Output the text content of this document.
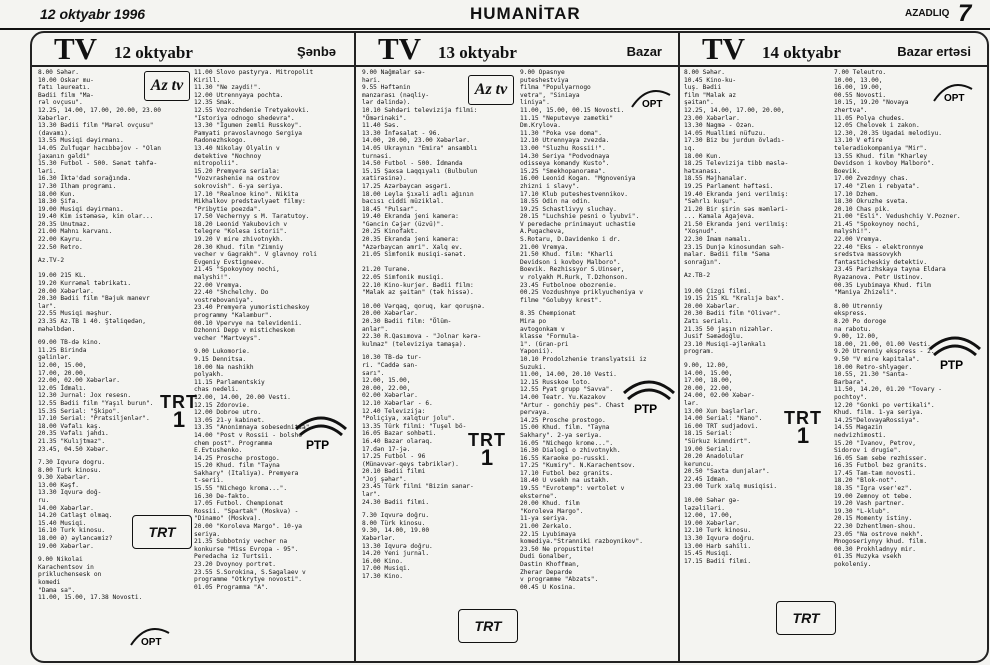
12 oktyabr 1996	HUMANİTAR	AZADLIQ 7
TV 12 oktyabr	Şənbə
8.00 Səhər.
10.00 Oskar mu-
fatı laureatı.
Bədii film "Ma-
rəl ovçusu".
12.25, 14.00, 17.00, 20.00, 23.00
Xəbərlər.
13.30 Bədii film "Marəl ovçusu"
(davamı).
13.55 Musiqi dəyirmanı.
14.05 Zulfuqar həcıbbəjov - "Olan
jaxanın gəldi"
15.30 Futbol - 500. Sənət təhfə-
ləri.
16.30 İktə'dad sorağında.
17.30 Ilham programı.
18.00 Kun.
18.30 Şifa.
19.00 Musiqi dəyirmanı.
19.40 Kim istəməsə, kim olar...
20.35 Unutmaz.
21.00 Mahnı karvanı.
22.00 Kayru.
22.50 Retro.
Az.TV-2

19.00 215 KL.
19.20 Kurrəməl təbrikatı.
20.00 Xəbərlər.
20.30 Bədii film "Bəjuk manevr
lar".
22.55 Musiqi məşhur.
23.35 Az.TB 1 40. Ştəliqedən,
məhəlbdən.
09.00 TB-də kino.
11.25 Birinda
gəlinlər.
12.00, 15.00,
17.00, 20.00,
22.00, 02.00 Xəbərlər.
12.05 İdmalı.
12.30 Jurnal: Jox resesn.
12.55 Bədii film "Yaşıl burun".
15.35 Serial: "Şkipo".
17.10 Serial: "Pratsiljenlər".
18.00 Vəfalı kaş.
20.35 Vəfalı jahdı.
21.35 "Kulıjtmaz".
23.45, 04.50 Xəbər.
7.30 Iqvurə dogru.
8.00 Turk kinosu.
9.30 Xəbərlər.
13.00 Kəşf.
13.30 Iqvurə doğ-
ru.
14.00 Xəbərlər.
14.20 Catlaşt olmaq.
15.40 Musiqi.
16.10 Turk kinosu.
18.00 Ə) əyləncəmiz?
19.00 Xəbərlər.
9.00 Nikolai
Karachentsov in
prikluchensesk on
komedi
"Dama sa".
11.00, 15.00, 17.38 Novosti.
11.00 Slovo pastyrya. Mitropolit
Kirill.
11.30 "Ne zaydi!".
12.00 Utrennyaya pochta.
12.35 Smak.
12.55 Vozrozhdenie Tretyakovki.
"Istoriya odnogo shedevra".
13.30 "Igumen zemli Russkoy".
Pamyati pravoslavnogo Sergiya
Radonezhskogo.
13.40 Nikolay Olyalin v
detektive "Nochnoy
mitropolii".
15.20 Premyera seriala:
"Vozvrashenie na ostrov
sokrovish". 6-ya seriya.
17.10 "Realnoe kino". Nikita
Mikhalkov predstavlyaet filmy:
"Pribytie poezda".
17.50 Vechernyy s M. Taratutoy.
18.20 Leonid Yakubovich v
telegre "Kolesa istorii".
19.20 V mire zhivotnykh.
20.30 Khud. film "Zimniy
vecher v Gagrakh". V glavnoy roli
Evgeniy Evstigneev.
21.45 "Spokoynoy nochi,
malyshi!".
22.00 Vremya.
22.40 "Shchelchy. Do
vostrebovaniya".
23.40 Premyera yumoristicheskoy
programmy "Kalambur".
00.10 Vpervye na televidenii.
Dzhonni Depp v misticheskom
vecher "Martveys".
9.00 Lukomorie.
9.15 Dennitsa.
10.00 Na nashikh
polyakh.
11.15 Parlamentskiy
chas nedeli.
12.00, 14.00, 20.00 Vesti.
12.15 Zdorovie.
12.00 Dobroe utro.
13.05 21-y kabinet.
13.35 "Anonimnaya sobesednitsa".
14.00 "Post v Rossii - bolshe
chem post". Programma
E.Evtushenko.
14.25 Prosche prostogo.
15.20 Khud. film "Tayna
Sakhary" (Italiya). Premyera
t-serii.
15.55 "Nichego kroma...".
16.30 De-fakto.
17.05 Futbol. Chempionat
Rossii. "Spartak" (Moskva) -
"Dinamo" (Moskva).
20.00 "Koroleva Margo". 10-ya
seriya.
21.35 Subbotniy vecher na
konkurse "Miss Evropa - 95".
Peredacha iz Turtsii.
23.20 Dvoynoy portret.
23.55 S.Sorokina, S.Sagalaev v
programme "Otkrytye novosti".
01.05 Programma "A".
Az tv
TRT
1
TRT
ОРТ
РТР
TV 13 oktyabr	Bazar
9.00 Nağmalar sə-
həri.
9.55 Həftənin
manzarası (nəqliy-
lər dəlində).
10.10 Səhdəri televizija filmi:
"Ömərinəki".
11.40 Səs.
13.30 İnfəsalat - 96.
14.00, 20.00, 23.00 Xəbərlər.
14.05 Ukraynın "Emira" ansamblı
turnəsi.
14.50 Futbol - 500. İdmanda
15.15 Şaxsa Laqqıyalı (Bulbulun
xatirəsinə).
17.25 Azərbaycan əsgəri.
18.00 Leyla Şıxəli adlı ağının
bacısı ciddi müzikləl.
18.45 "Pulsar".
19.40 Ekranda jeni kamera:
"Gəncin Cəjər (üzvü)".
20.25 Kinofakt.
20.35 Ekranda jeni kamera:
"Azərbaycan əmri". Xalq ev.
21.05 Simfonik musiqi-sənət.

21.20 Turane.
22.05 Simfonik musiqi.
22.10 Kino-kurjer. Bədii film:
"Malak az şəitan" (tək hissə).
10.00 Vərqaq, qoruq, kar qoruşnə.
20.00 Xəbərlər.
20.30 Bədii film: "Ölüm-
anlar".
22.30 R.Qasımova - "Jolnar kərə-
kulmaz" (televiziya tamaşa).
10.30 TB-də tur-
ri. "Caddə san-
sarı".
12.00, 15.00,
20.00, 22.00,
02.00 Xəbərlər.
12.10 Xəbərlər - 6.
12.40 Televizija:
"Poliçiya, xalqtur jolu".
13.35 Türk filmi: "Tuşel bö-
16.05 Bazar sohbəti.
16.40 Bazar olaraq.
17.dən 17-jə.
17.25 Futbol - 96
(Münəvvər-qeys təbriklər).
20.10 Bədii filmi
"Joj şəhər".
23.45 Türk filmi "Bizim sanar-
lar".
24.30 Bədii filmi.
7.30 Iqvurə doğru.
8.00 Türk kinosu.
9.30, 14.00, 19.00
Xəbərlər.
13.30 Iqvurə doğru.
14.20 Yeni jurnal.
16.00 Kino.
17.00 Musiqi.
17.30 Kino.
9.00 Opasnye
puteshestviya
filma "Populyarnogo
vetra", "Siniaya
liniya".
11.00, 15.00, 00.15 Novosti.
11.15 "Neputevye zametki"
Dm.Krylova.
11.30 "Poka vse doma".
12.10 Utrennyaya zvezda.
13.00 "Sluzhu Rossii!".
14.30 Seriya "Podvodnaya
odisseya komandy Kusto".
15.25 "Smekhopanorama".
16.00 Leonid Kogan. "Mgnoveniya
zhizni i slavy".
17.10 Klub puteshestvennikov.
18.55 Odin na odin.
19.25 Schastlivyy sluchay.
20.15 "Luchshie pesni o lyubvi".
V peredache prinimayut uchastie
A.Pugacheva,
S.Rotaru, D.Davidenko i dr.
21.00 Vremya.
21.50 Khud. film: "Kharli
Devidson i kovboy Malboro".
Boevik. Rezhissyor S.Uinser,
v rolyakh M.Rurk, T.Dzhonson.
23.45 Futbolnoe obozrenie.
00.25 Vozdushnye priklyucheniya v
filme "Golubyy krest".
8.35 Chempionat
Mira po
avtogonkam v
klasse "Formula-
1". (Gran-pri
Yaponii).
10.10 Prodolzhenie translyatsii iz
Suzuki.
11.00, 14.00, 20.10 Vesti.
12.15 Russkoe loto.
12.55 Pyat grupp "Savva".
14.00 Teatr. Yu.Kazakov
"Artur - gonchiy pes". Chast
pervaya.
14.25 Prosche prostogo.
15.00 Khud. film. "Tayna
Sakhary". 2-ya seriya.
16.05 "Nichego krome...".
16.30 Dialogi o zhivotnykh.
16.55 Karaoke po-russki.
17.25 "Kumiry". N.Karachentsov.
17.10 Futbol bez granits.
18.40 U vsekh na ustakh.
19.55 "Evrotemp": vertolet v
eksterne".
20.00 Khud. film
"Koroleva Margo".
11-ya seriya.
21.00 Zerkalo.
22.15 Lyubimaya
komediya."Stranniki razboynikov".
23.50 Ne propustite!
Dudi Gonalber,
Dastin Khoffman,
Zherar Deparde
v programme "Abzats".
00.45 U Kosina.
Az tv
ОРТ
РТР
TRT
1
TRT
TV 14 oktyabr	Bazar ertəsi
8.00 Səhər.
10.45 Kino-ku-
luş. Bədii
film "Malak az
şəitan".
12.25, 14.00, 17.00, 20.00,
23.00 Xəbərlər.
13.30 Nagmə - Ozən.
14.05 Muallimi nüfuzu.
17.30 Biz bu jurdun övladı-
ıq.
18.00 Kun.
18.25 Televizija tibb məslə-
hətxanası.
18.55 Məjhanalar.
19.25 Parlament həftəsi.
19.40 Ekranda jeni verilmiş:
"Səhrlı kuşu".
21.20 Bir şirin səs məmləri-
... Kamala Agajeva.
21.50 Ekranda jeni verilmiş:
"Xoşnud".
22.30 İmam nəmalı.
23.15 Dunjə kinosundan səh-
malar. Bədii film "Səma
sonrağın".
Az.TB-2

19.00 Çizgi filmi.
19.15 215 KL "Kralıjə bax".
20.00 Xəbərlər.
20.30 Bədii film "Olivər".
Zatı serialı.
21.35 50 jaşın nizəhlər.
Jusif Səmədoğlu.
23.10 Musiqi-əjlənkalı
program.
9.00, 12.00,
14.00, 15.00,
17.00, 18.00,
20.00, 22.00,
24.00, 02.00 Xəbər-
lər.
13.00 Xun başlarlar.
14.00 Serial: "Nano".
16.00 TRT sudjadovi.
18.15 Serial:
"Sürkuz kimndirt".
19.00 Serial:
20.20 Anadolular
keruncu.
20.50 "Saxta dunjalar".
22.45 Idman.
23.00 Turk xalq musiqisi.
10.00 Səhər gə-
ləzəliləri.
12.00, 17.00,
19.00 Xəbərlər.
12.10 Turk kinosu.
13.30 Iqvurə doğru.
13.00 Harb sahili.
15.45 Musiqi.
17.15 Bədii filmi.
7.00 Teleutro.
10.00, 13.00,
16.00, 19.00,
00.55 Novosti.
10.15, 19.20 "Novaya
zhertva".
11.05 Polya chudes.
12.05 Chelovek i zakon.
12.30, 20.35 Ugadai melodiyu.
13.10 V efire
teleradiokompaniya "Mir".
13.55 Khud. film "Kharley
Devidson i kovboy Malboro".
Boevik.
17.00 Zvezdnyy chas.
17.40 "Zlen i rebyata".
17.10 Dzhem.
18.30 Okruzhe sveta.
20.10 Chas pik.
21.00 "Esli". Vedushchiy V.Pozner.
21.45 "Spokoynoy nochi,
malyshi!".
22.00 Vremya.
22.40 "Eks - elektronnye
sredstva massovykh
fantasticheskiy detektiv.
23.45 Parizhskaya tayna Eldara
Ryazanova. Petr Ustinov.
00.35 Lyubimaya Khud. film
"Maniya Zhizeli".
8.00 Utrenniy
ekspress.
8.20 Po doroge
na rabotu.
9.00, 12.00,
18.00, 21.00, 01.00 Vesti.
9.20 Utrenniy ekspress - 2.
9.50 "V mire kapitala".
10.00 Retro-shlyager.
10.55, 21.30 "Santa-
Barbara".
11.50, 14.20, 01.20 "Tovary -
pochtoy".
12.20 "Gonki po vertikali".
Khud. film. 1-ya seriya.
14.25"DelovayaRossiya".
14.55 Magazin
nedvizhimosti.
15.20 "Ivanov, Petrov,
Sidorov i drugie".
16.05 Sam sebe rezhisser.
16.35 Futbol bez granits.
17.45 Tam-tam novosti.
18.20 "Blok-not".
18.35 "Igra vser'ez".
19.00 Zemnoy ot tebe.
19.20 Vash partner.
19.30 "L-klub".
20.15 Momenty istiny.
22.30 Dzhentlmen-shou.
23.05 "Na ostrove nekh".
Mnogoseriynyy khud. film.
00.30 Prokhladnyy mir.
01.35 Muzyka vsekh
pokoleniy.
ОРТ
TRT
1
РТР
TRT
